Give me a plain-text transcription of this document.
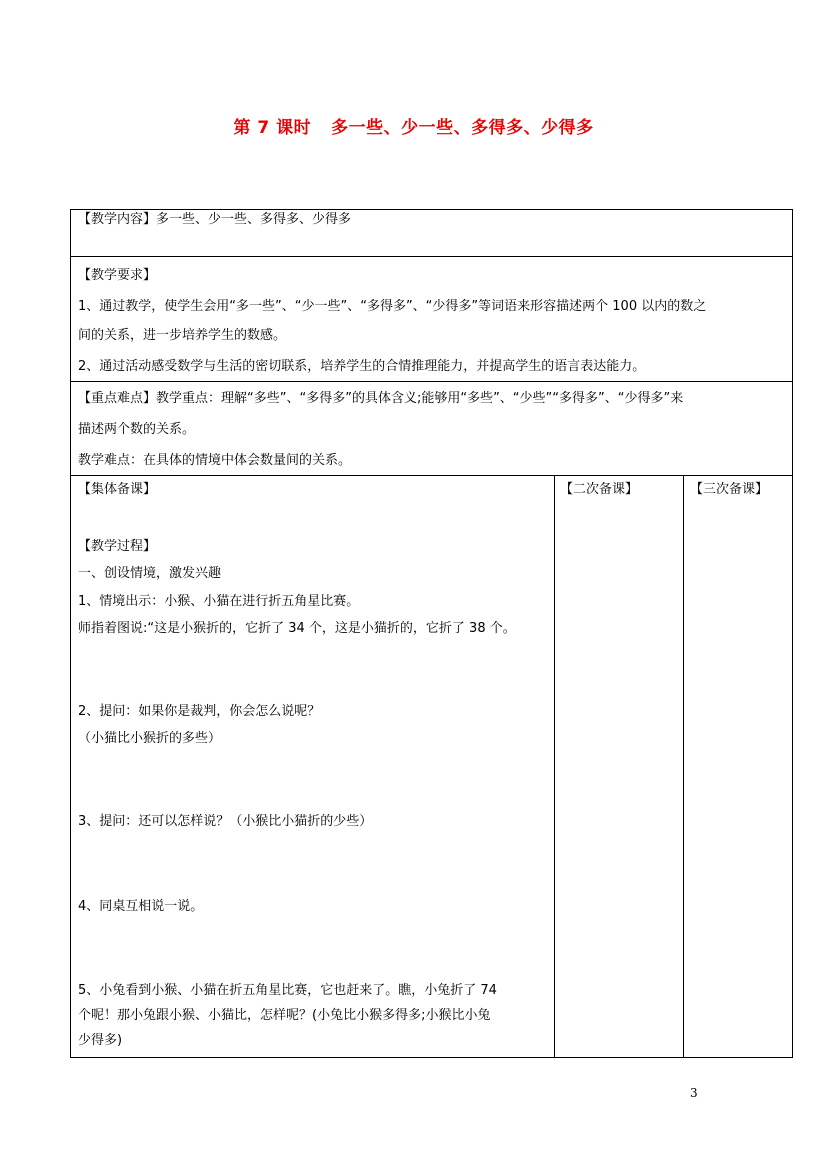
第 7 课时 多一些、少一些、多得多、少得多
【教学内容】多一些、少一些、多得多、少得多
【教学要求】
1、通过教学，使学生会用“多一些”、“少一些”、“多得多”、“少得多”等词语来形容描述两个 100 以内的数之
间的关系，进一步培养学生的数感。
2、通过活动感受数学与生活的密切联系，培养学生的合情推理能力，并提高学生的语言表达能力。
【重点难点】教学重点：理解“多些”、“多得多”的具体含义;能够用“多些”、“少些”“多得多”、“少得多”来
描述两个数的关系。
教学难点：在具体的情境中体会数量间的关系。
【集体备课】	【二次备课】	【三次备课】
【教学过程】
一、创设情境，激发兴趣
1、情境出示：小猴、小猫在进行折五角星比赛。
师指着图说:“这是小猴折的，它折了 34 个，这是小猫折的，它折了 38 个。
2、提问：如果你是裁判，你会怎么说呢？
（小猫比小猴折的多些）
3、提问：还可以怎样说？（小猴比小猫折的少些）
4、同桌互相说一说。
5、小兔看到小猴、小猫在折五角星比赛，它也赶来了。瞧，小兔折了 74
个呢！那小兔跟小猴、小猫比，怎样呢？(小兔比小猴多得多;小猴比小兔
少得多)
3
